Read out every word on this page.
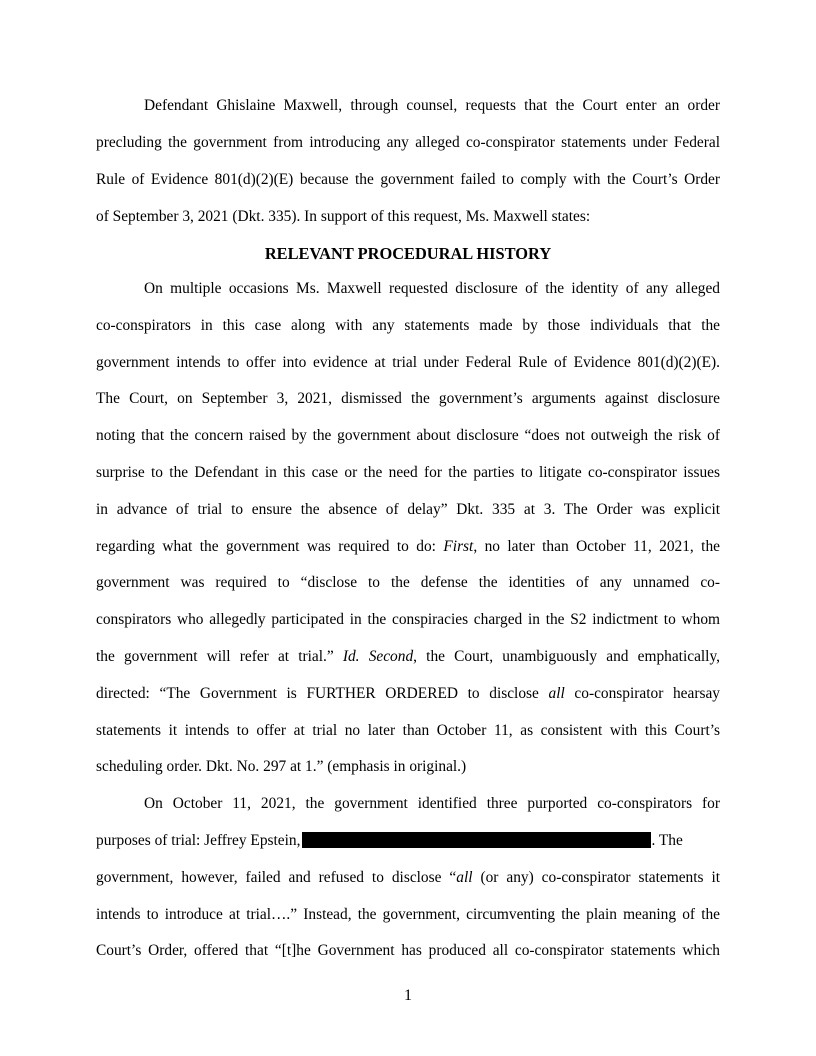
Defendant Ghislaine Maxwell, through counsel, requests that the Court enter an order
precluding the government from introducing any alleged co-conspirator statements under Federal
Rule of Evidence 801(d)(2)(E) because the government failed to comply with the Court’s Order
of September 3, 2021 (Dkt. 335). In support of this request, Ms. Maxwell states:
RELEVANT PROCEDURAL HISTORY
On multiple occasions Ms. Maxwell requested disclosure of the identity of any alleged
co-conspirators in this case along with any statements made by those individuals that the
government intends to offer into evidence at trial under Federal Rule of Evidence 801(d)(2)(E).
The Court, on September 3, 2021, dismissed the government’s arguments against disclosure
noting that the concern raised by the government about disclosure “does not outweigh the risk of
surprise to the Defendant in this case or the need for the parties to litigate co-conspirator issues
in advance of trial to ensure the absence of delay” Dkt. 335 at 3. The Order was explicit
regarding what the government was required to do: First, no later than October 11, 2021, the
government was required to “disclose to the defense the identities of any unnamed co-
conspirators who allegedly participated in the conspiracies charged in the S2 indictment to whom
the government will refer at trial.” Id. Second, the Court, unambiguously and emphatically,
directed: “The Government is FURTHER ORDERED to disclose all co-conspirator hearsay
statements it intends to offer at trial no later than October 11, as consistent with this Court’s
scheduling order. Dkt. No. 297 at 1.” (emphasis in original.)
On October 11, 2021, the government identified three purported co-conspirators for
purposes of trial: Jeffrey Epstein,	. The
government, however, failed and refused to disclose “all (or any) co-conspirator statements it
intends to introduce at trial….” Instead, the government, circumventing the plain meaning of the
Court’s Order, offered that “[t]he Government has produced all co-conspirator statements which
1
